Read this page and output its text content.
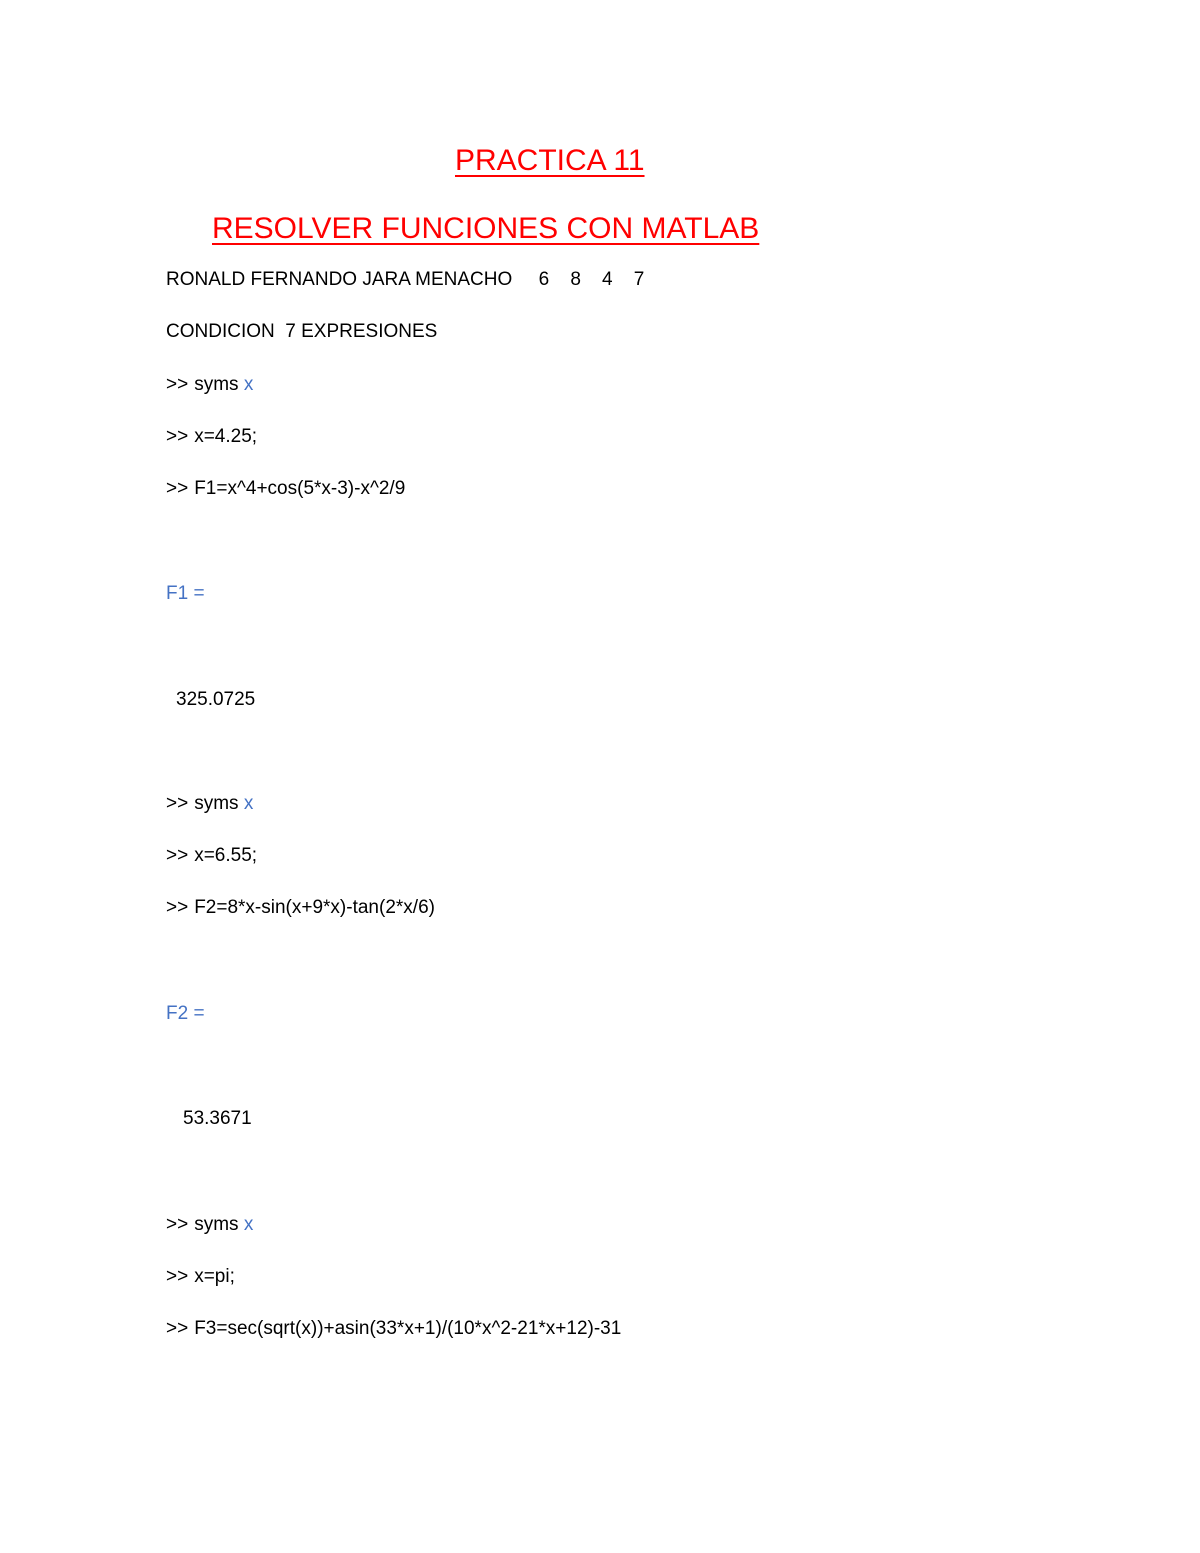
PRACTICA 11
RESOLVER FUNCIONES CON MATLAB
RONALD FERNANDO JARA MENACHO     6    8    4    7
CONDICION  7 EXPRESIONES
>> syms x
>> x=4.25;
>> F1=x^4+cos(5*x-3)-x^2/9
F1 =
325.0725
>> syms x
>> x=6.55;
>> F2=8*x-sin(x+9*x)-tan(2*x/6)
F2 =
53.3671
>> syms x
>> x=pi;
>> F3=sec(sqrt(x))+asin(33*x+1)/(10*x^2-21*x+12)-31
